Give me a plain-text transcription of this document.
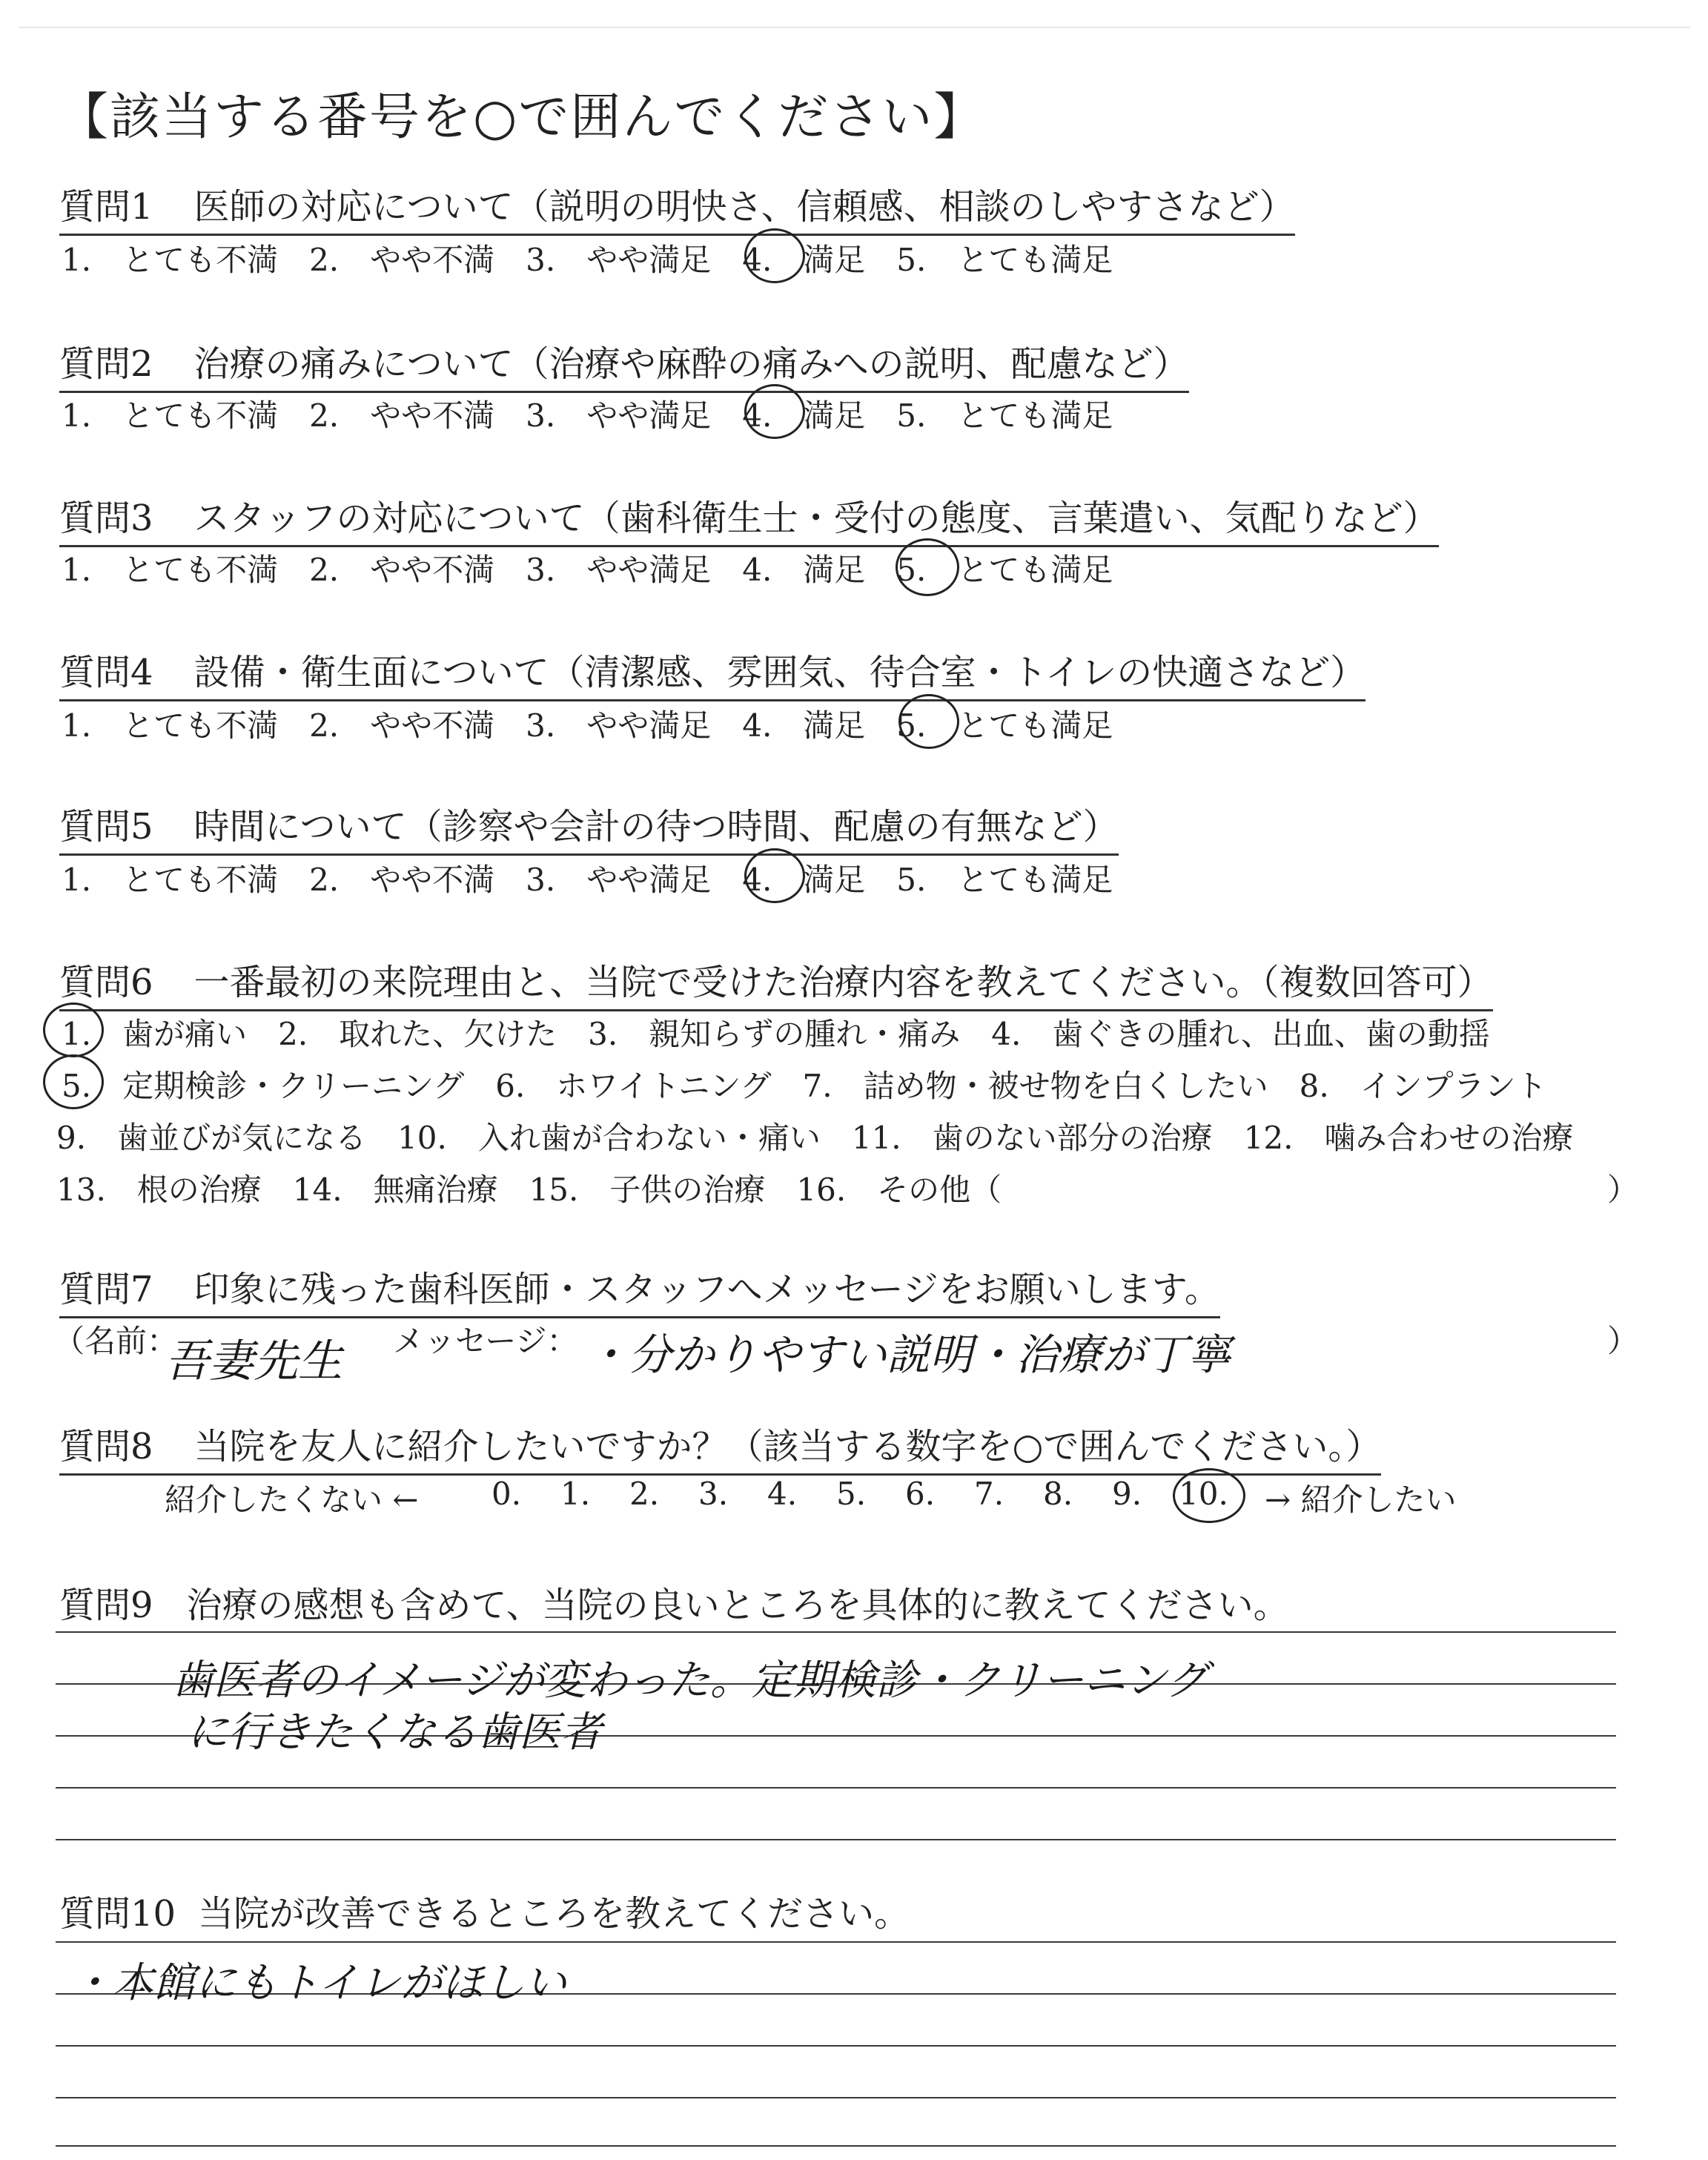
【該当する番号を○で囲んでください】
質問1 医師の対応について（説明の明快さ、信頼感、相談のしやすさなど）
1.　とても不満　2.　やや不満　3.　やや満足　4.　満足　5.　とても満足
質問2 治療の痛みについて（治療や麻酔の痛みへの説明、配慮など）
1.　とても不満　2.　やや不満　3.　やや満足　4.　満足　5.　とても満足
質問3 スタッフの対応について（歯科衛生士・受付の態度、言葉遣い、気配りなど）
1.　とても不満　2.　やや不満　3.　やや満足　4.　満足　5.　とても満足
質問4 設備・衛生面について（清潔感、雰囲気、待合室・トイレの快適さなど）
1.　とても不満　2.　やや不満　3.　やや満足　4.　満足　5.　とても満足
質問5 時間について（診察や会計の待つ時間、配慮の有無など）
1.　とても不満　2.　やや不満　3.　やや満足　4.　満足　5.　とても満足
質問6 一番最初の来院理由と、当院で受けた治療内容を教えてください。（複数回答可）
1.　歯が痛い　2.　取れた、欠けた　3.　親知らずの腫れ・痛み　4.　歯ぐきの腫れ、出血、歯の動揺
5.　定期検診・クリーニング　6.　ホワイトニング　7.　詰め物・被せ物を白くしたい　8.　インプラント
9.　歯並びが気になる　10.　入れ歯が合わない・痛い　11.　歯のない部分の治療　12.　噛み合わせの治療
13.　根の治療　14.　無痛治療　15.　子供の治療　16.　その他（	）
質問7 印象に残った歯科医師・スタッフへメッセージをお願いします。
（名前：
吾妻先生 メッセージ： ・分かりやすい説明・治療が丁寧	）
質問8 当院を友人に紹介したいですか？（該当する数字を○で囲んでください。）
紹介したくない ← 0. 1. 2. 3. 4. 5. 6. 7. 8. 9. 10. → 紹介したい
質問9 治療の感想も含めて、当院の良いところを具体的に教えてください。
歯医者のイメージが変わった。定期検診・クリーニング
に行きたくなる歯医者
質問10 当院が改善できるところを教えてください。
・本館にもトイレがほしい
